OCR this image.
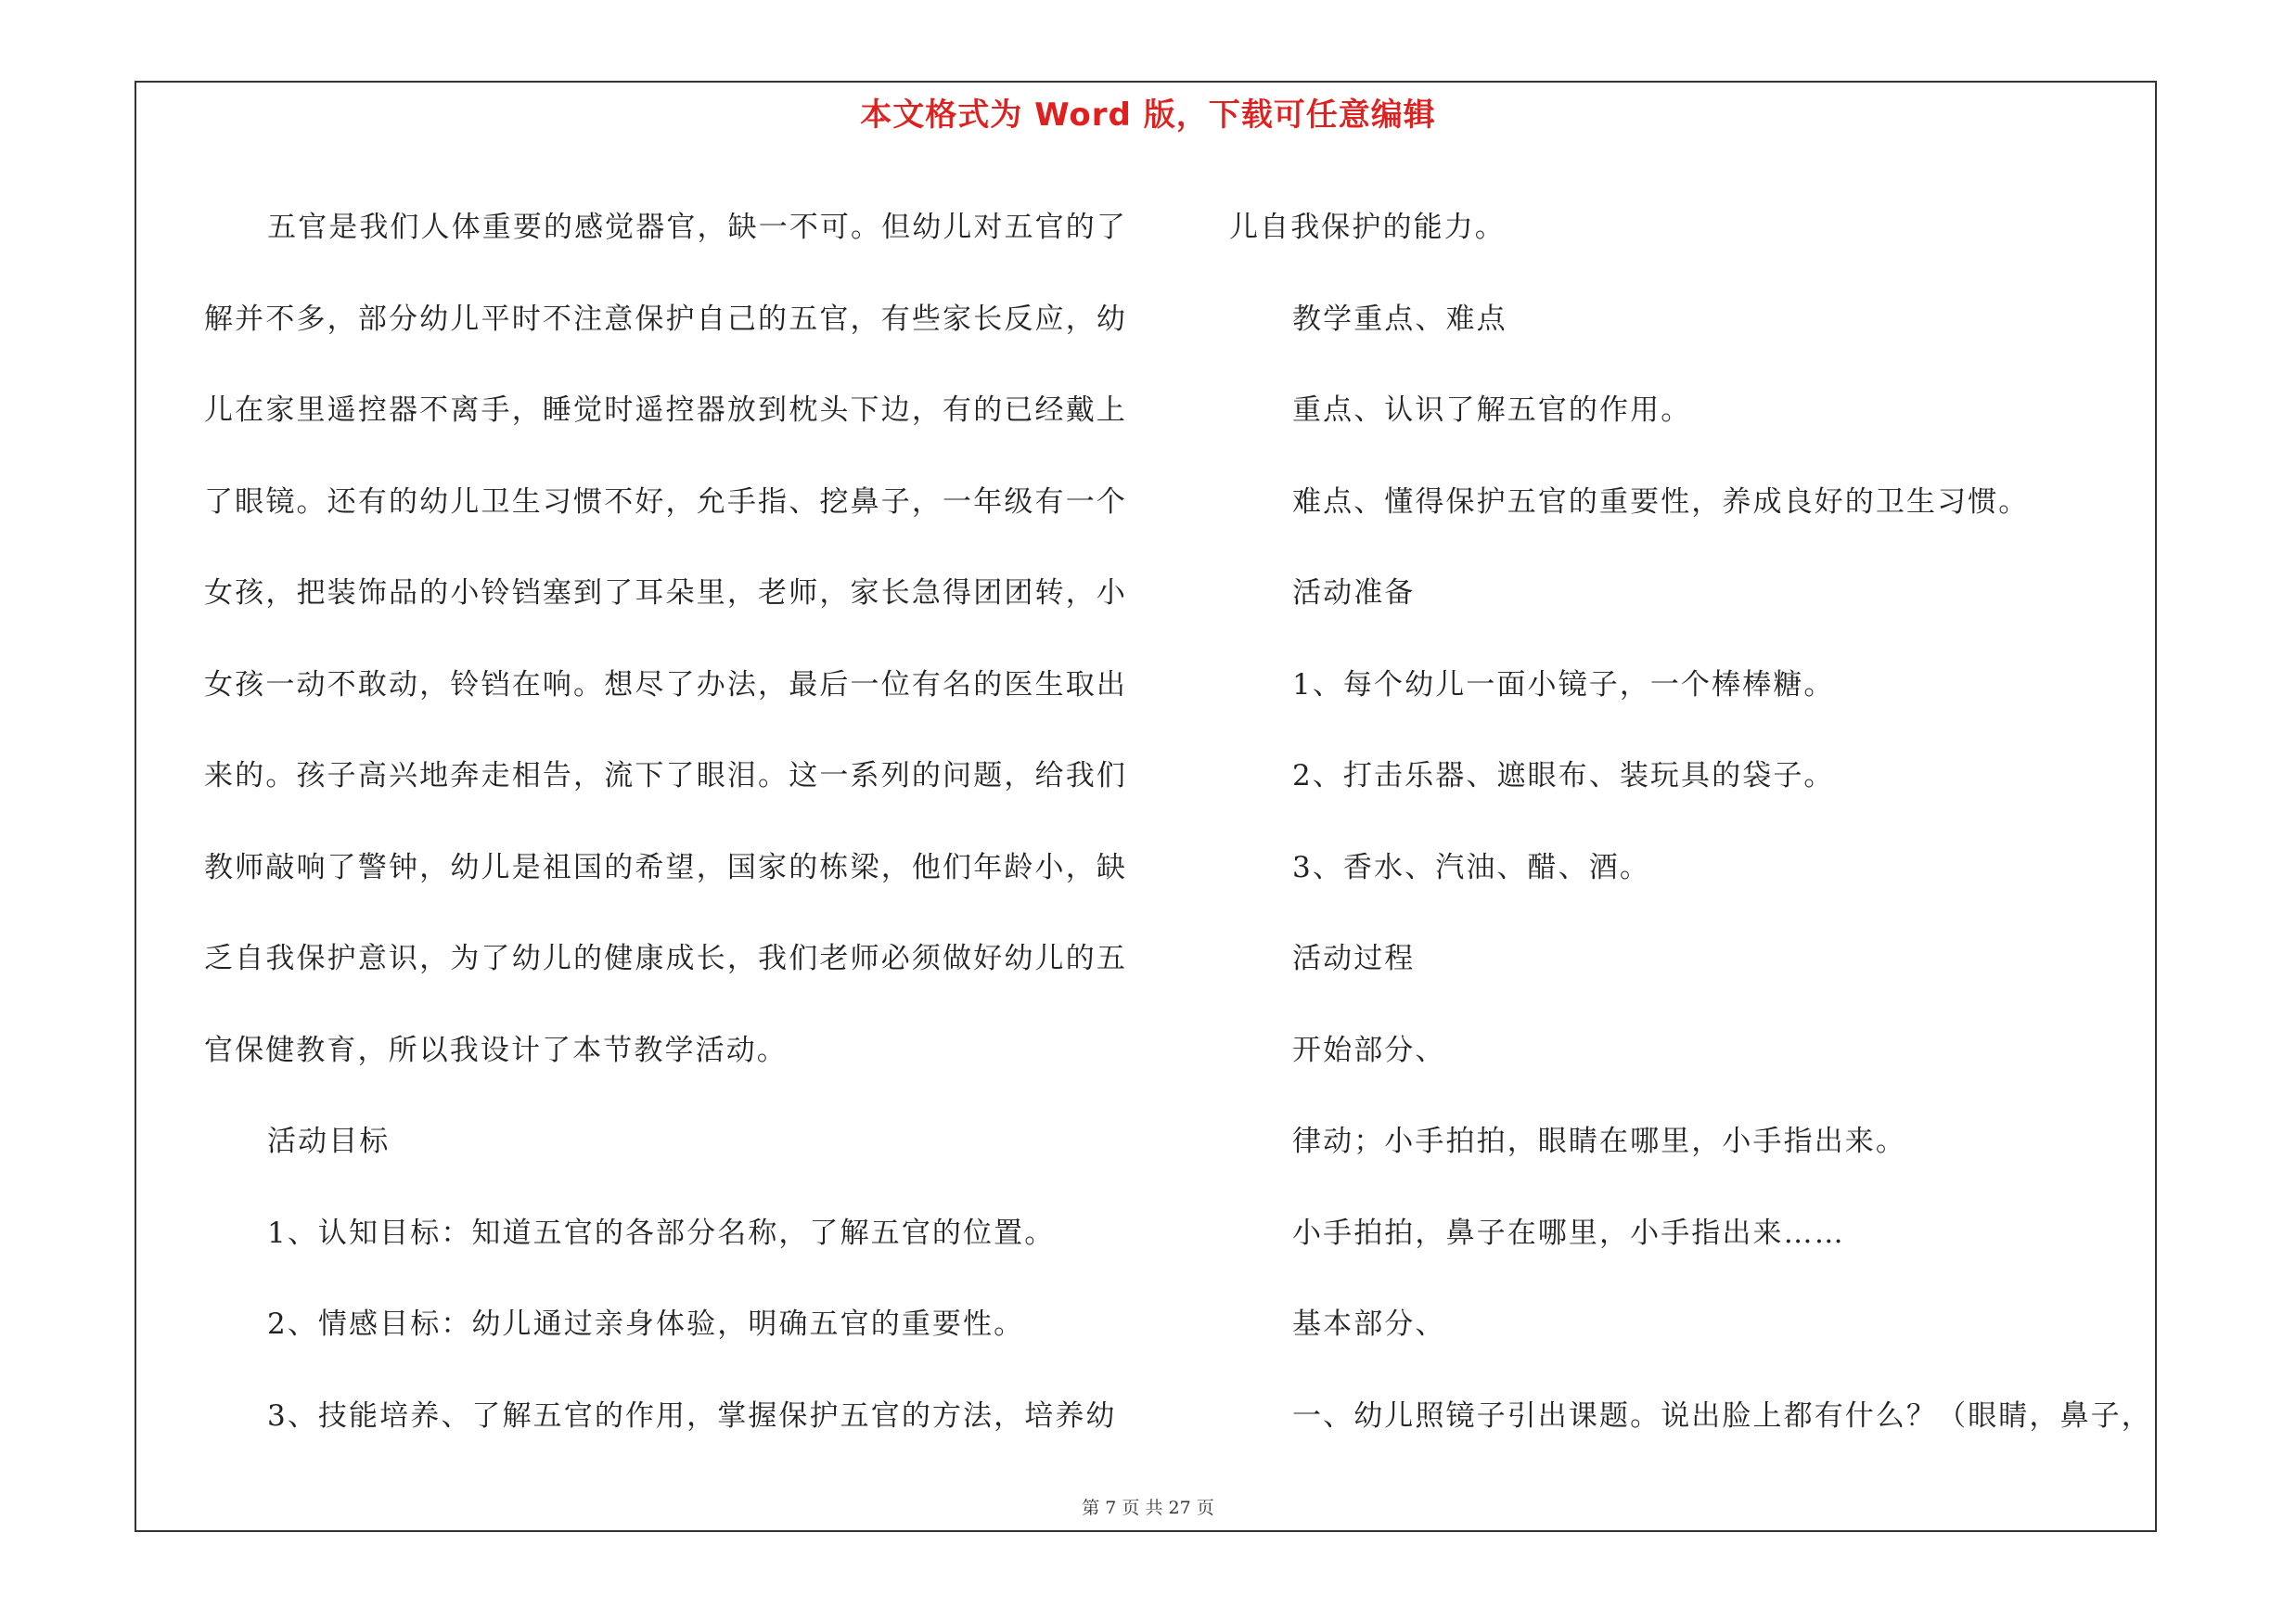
本文格式为 Word 版，下载可任意编辑

五官是我们人体重要的感觉器官，缺一不可。但幼儿对五官的了解并不多，部分幼儿平时不注意保护自己的五官，有些家长反应，幼儿在家里遥控器不离手，睡觉时遥控器放到枕头下边，有的已经戴上了眼镜。还有的幼儿卫生习惯不好，允手指、挖鼻子，一年级有一个女孩，把装饰品的小铃铛塞到了耳朵里，老师，家长急得团团转，小女孩一动不敢动，铃铛在响。想尽了办法，最后一位有名的医生取出来的。孩子高兴地奔走相告，流下了眼泪。这一系列的问题，给我们教师敲响了警钟，幼儿是祖国的希望，国家的栋梁，他们年龄小，缺乏自我保护意识，为了幼儿的健康成长，我们老师必须做好幼儿的五官保健教育，所以我设计了本节教学活动。

活动目标
1、认知目标：知道五官的各部分名称，了解五官的位置。
2、情感目标：幼儿通过亲身体验，明确五官的重要性。
3、技能培养、了解五官的作用，掌握保护五官的方法，培养幼
儿自我保护的能力。
教学重点、难点
重点、认识了解五官的作用。
难点、懂得保护五官的重要性，养成良好的卫生习惯。
活动准备
1、每个幼儿一面小镜子，一个棒棒糖。
2、打击乐器、遮眼布、装玩具的袋子。
3、香水、汽油、醋、酒。
活动过程
开始部分、
律动；小手拍拍，眼睛在哪里，小手指出来。
小手拍拍，鼻子在哪里，小手指出来……
基本部分、
一、幼儿照镜子引出课题。说出脸上都有什么？（眼睛，鼻子，
第 7 页 共 27 页
